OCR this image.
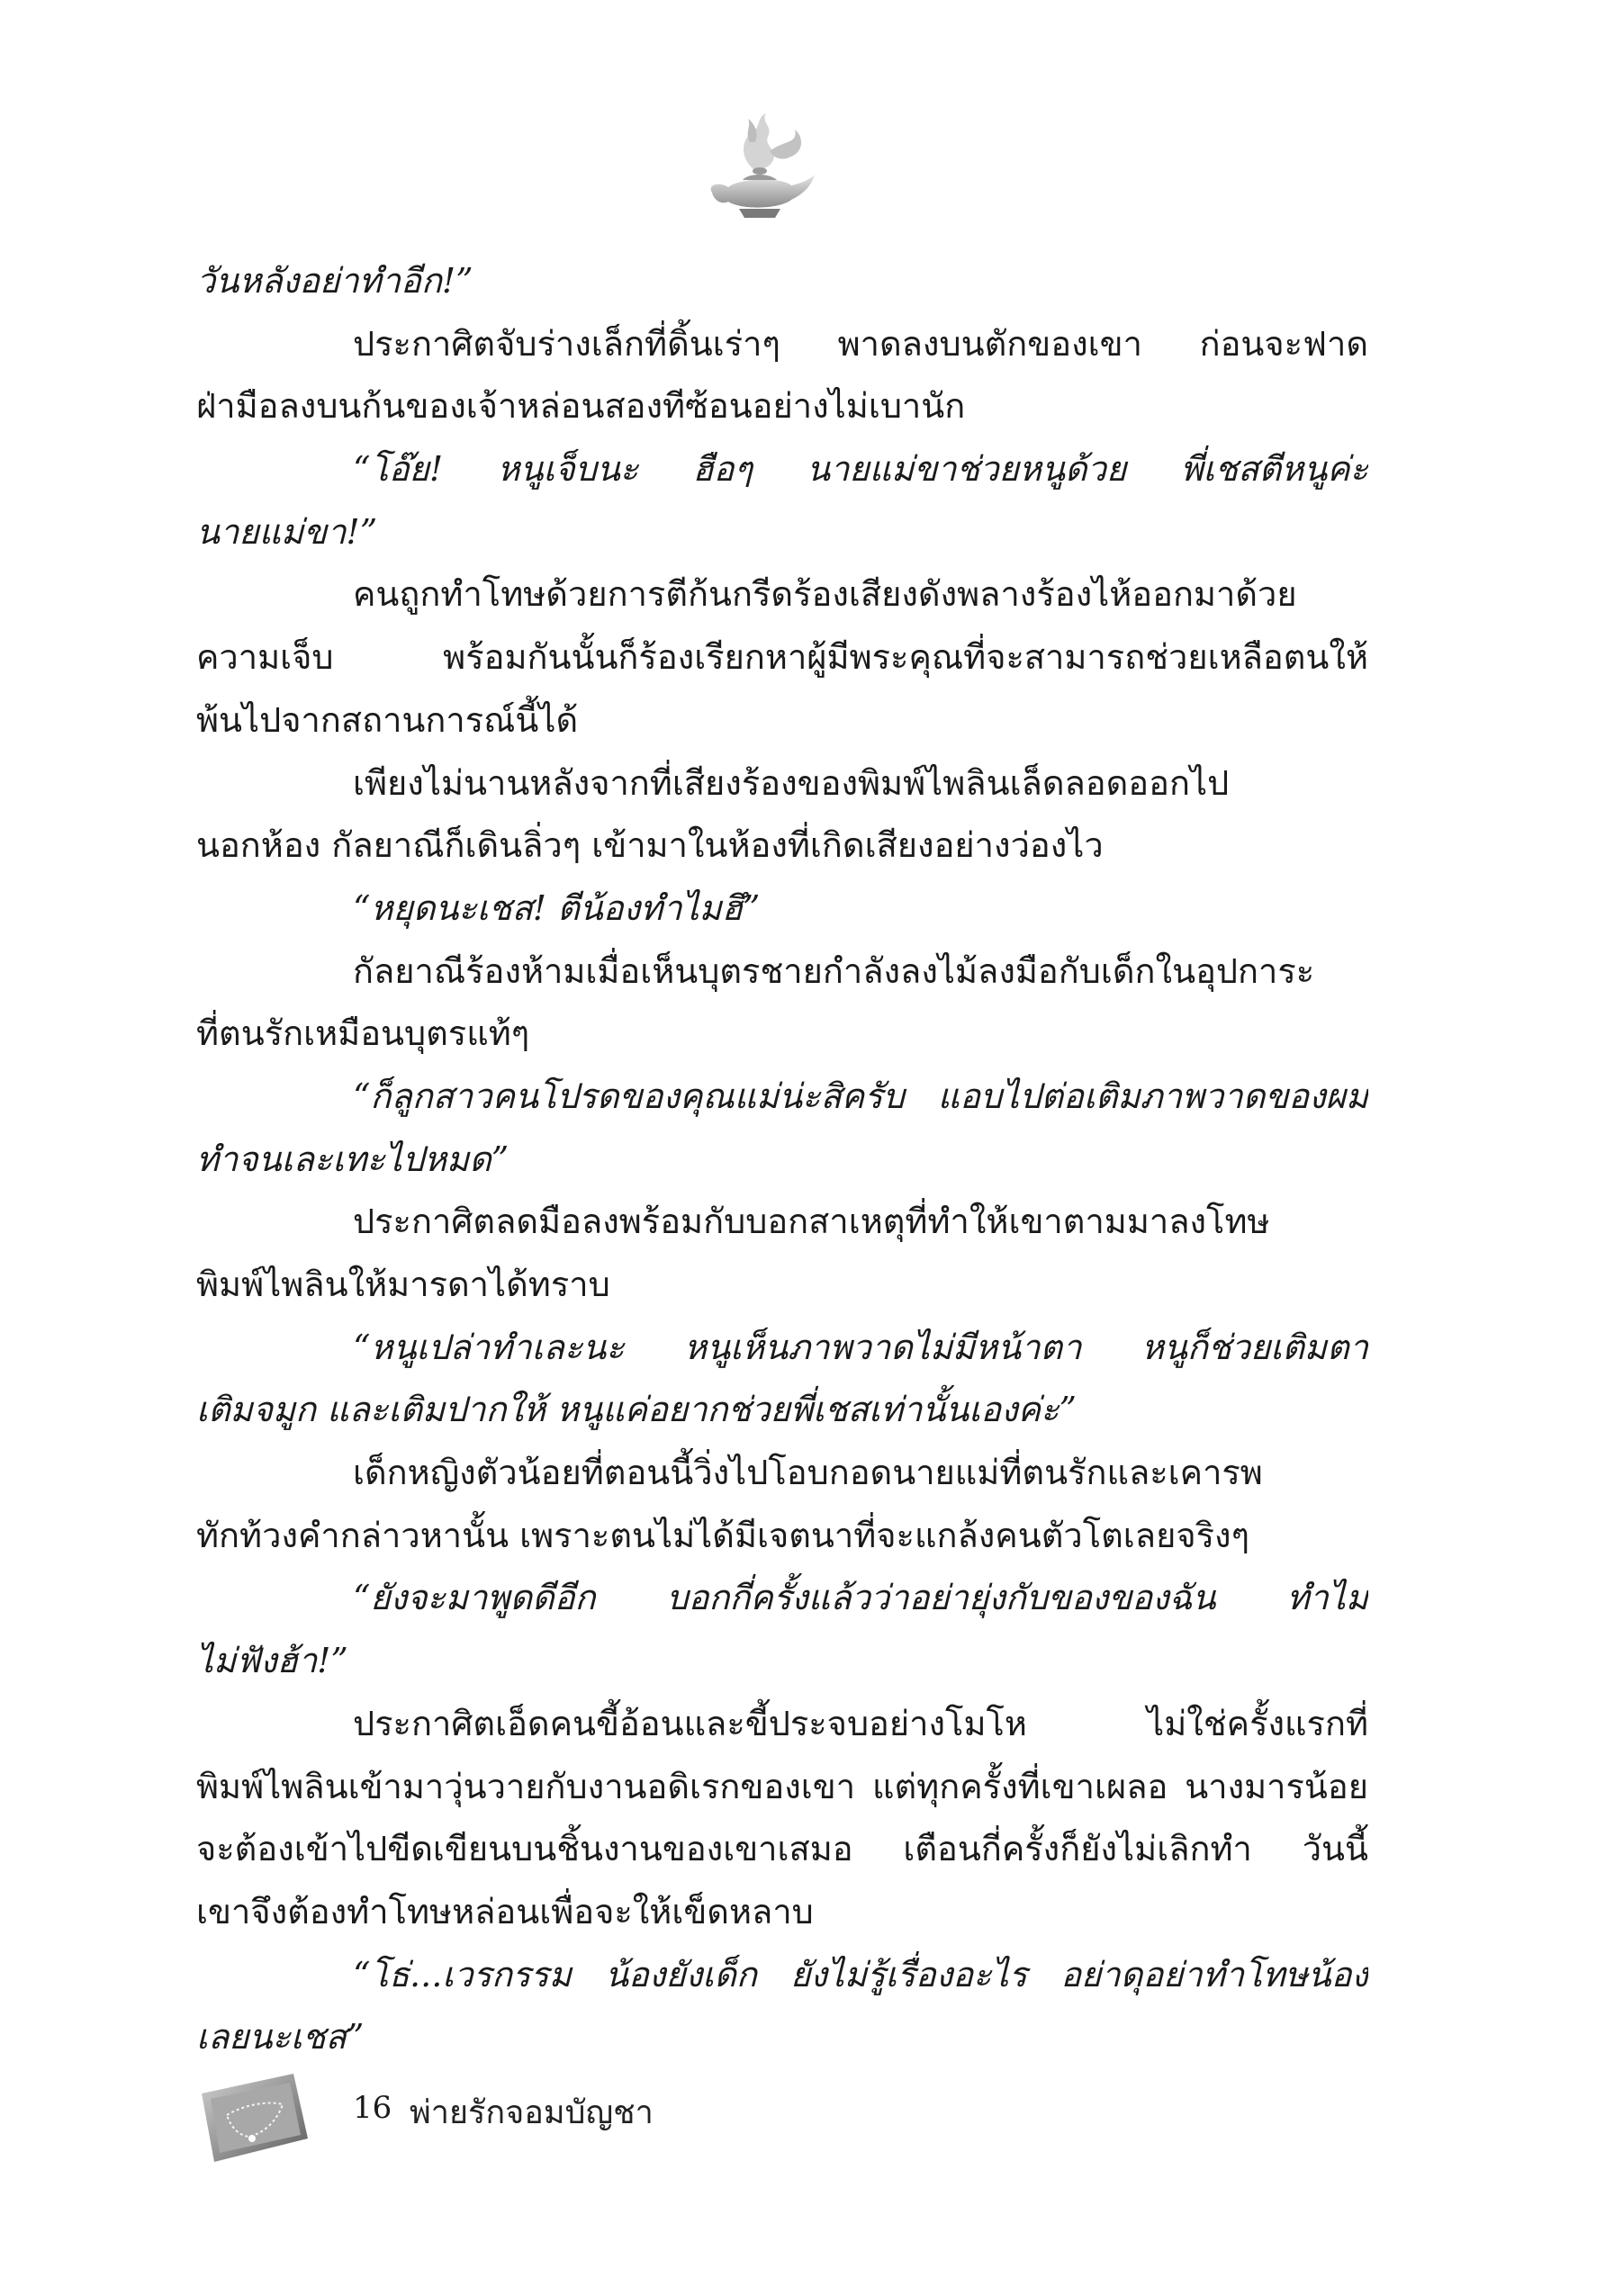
วันหลังอย่าทำอีก!”
ประกาศิตจับร่างเล็กที่ดิ้นเร่าๆ พาดลงบนตักของเขา ก่อนจะฟาด
ฝ่ามือลงบนก้นของเจ้าหล่อนสองทีซ้อนอย่างไม่เบานัก
“โอ๊ย! หนูเจ็บนะ ฮือๆ นายแม่ขาช่วยหนูด้วย พี่เชสตีหนูค่ะ
นายแม่ขา!”
คนถูกทำโทษด้วยการตีก้นกรีดร้องเสียงดังพลางร้องไห้ออกมาด้วย
ความเจ็บ พร้อมกันนั้นก็ร้องเรียกหาผู้มีพระคุณที่จะสามารถช่วยเหลือตนให้
พ้นไปจากสถานการณ์นี้ได้
เพียงไม่นานหลังจากที่เสียงร้องของพิมพ์ไพลินเล็ดลอดออกไป
นอกห้อง กัลยาณีก็เดินลิ่วๆ เข้ามาในห้องที่เกิดเสียงอย่างว่องไว
“หยุดนะเชส! ตีน้องทำไมฮึ”
กัลยาณีร้องห้ามเมื่อเห็นบุตรชายกำลังลงไม้ลงมือกับเด็กในอุปการะ
ที่ตนรักเหมือนบุตรแท้ๆ
“ก็ลูกสาวคนโปรดของคุณแม่น่ะสิครับ แอบไปต่อเติมภาพวาดของผม
ทำจนเละเทะไปหมด”
ประกาศิตลดมือลงพร้อมกับบอกสาเหตุที่ทำให้เขาตามมาลงโทษ
พิมพ์ไพลินให้มารดาได้ทราบ
“หนูเปล่าทำเละนะ หนูเห็นภาพวาดไม่มีหน้าตา หนูก็ช่วยเติมตา
เติมจมูก และเติมปากให้ หนูแค่อยากช่วยพี่เชสเท่านั้นเองค่ะ”
เด็กหญิงตัวน้อยที่ตอนนี้วิ่งไปโอบกอดนายแม่ที่ตนรักและเคารพ
ทักท้วงคำกล่าวหานั้น เพราะตนไม่ได้มีเจตนาที่จะแกล้งคนตัวโตเลยจริงๆ
“ยังจะมาพูดดีอีก บอกกี่ครั้งแล้วว่าอย่ายุ่งกับของของฉัน ทำไม
ไม่ฟังฮ้า!”
ประกาศิตเอ็ดคนขี้อ้อนและขี้ประจบอย่างโมโห ไม่ใช่ครั้งแรกที่
พิมพ์ไพลินเข้ามาวุ่นวายกับงานอดิเรกของเขา แต่ทุกครั้งที่เขาเผลอ นางมารน้อย
จะต้องเข้าไปขีดเขียนบนชิ้นงานของเขาเสมอ เตือนกี่ครั้งก็ยังไม่เลิกทำ วันนี้
เขาจึงต้องทำโทษหล่อนเพื่อจะให้เข็ดหลาบ
“โธ่...เวรกรรม น้องยังเด็ก ยังไม่รู้เรื่องอะไร อย่าดุอย่าทำโทษน้อง
เลยนะเชส”
16 พ่ายรักจอมบัญชา
